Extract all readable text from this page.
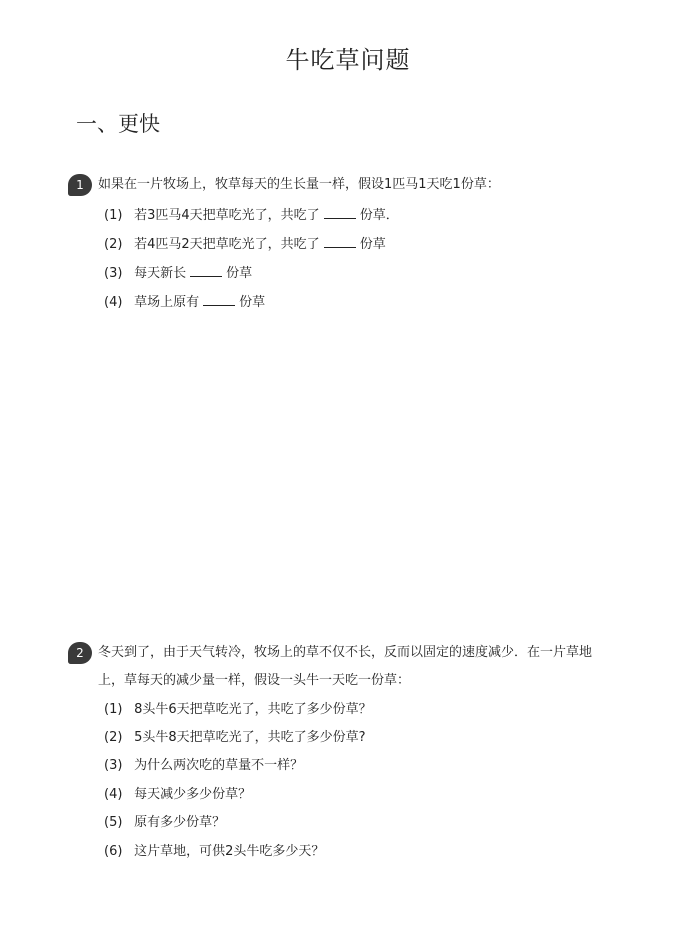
牛吃草问题
一、更快
1	如果在一片牧场上，牧草每天的生长量一样，假设1匹马1天吃1份草：
(1) 若3匹马4天把草吃光了，共吃了	份草．
(2) 若4匹马2天把草吃光了，共吃了	份草
(3) 每天新长	份草
(4) 草场上原有	份草
2	冬天到了，由于天气转冷，牧场上的草不仅不长，反而以固定的速度减少．在一片草地
上，草每天的减少量一样，假设一头牛一天吃一份草：
(1) 8头牛6天把草吃光了，共吃了多少份草？
(2) 5头牛8天把草吃光了，共吃了多少份草?
(3) 为什么两次吃的草量不一样？
(4) 每天减少多少份草？
(5) 原有多少份草？
(6) 这片草地，可供2头牛吃多少天？
